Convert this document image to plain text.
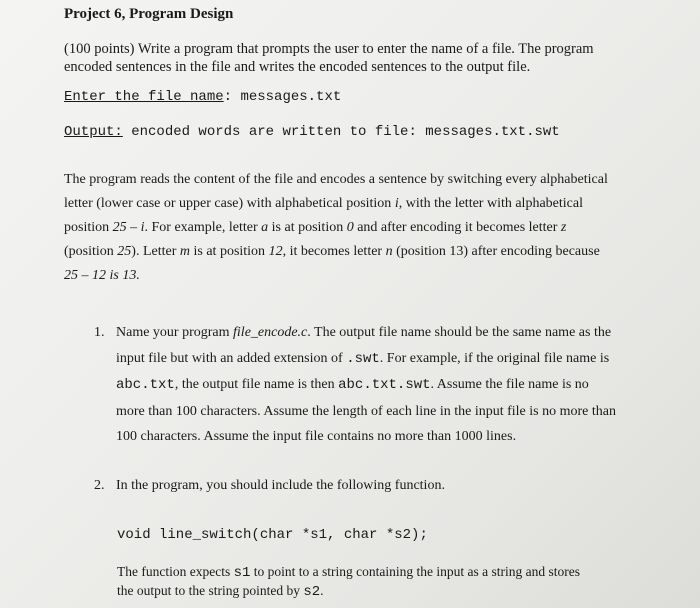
Project 6, Program Design
(100 points) Write a program that prompts the user to enter the name of a file. The program
encoded sentences in the file and writes the encoded sentences to the output file.
Enter the file name: messages.txt
Output: encoded words are written to file: messages.txt.swt
The program reads the content of the file and encodes a sentence by switching every alphabetical
letter (lower case or upper case) with alphabetical position i, with the letter with alphabetical
position 25 – i. For example, letter a is at position 0 and after encoding it becomes letter z
(position 25). Letter m is at position 12, it becomes letter n (position 13) after encoding because
25 – 12 is 13.
1. Name your program file_encode.c. The output file name should be the same name as the
input file but with an added extension of .swt. For example, if the original file name is
abc.txt, the output file name is then abc.txt.swt. Assume the file name is no
more than 100 characters. Assume the length of each line in the input file is no more than
100 characters. Assume the input file contains no more than 1000 lines.
2. In the program, you should include the following function.
void line_switch(char *s1, char *s2);
The function expects s1 to point to a string containing the input as a string and stores
the output to the string pointed by s2.
